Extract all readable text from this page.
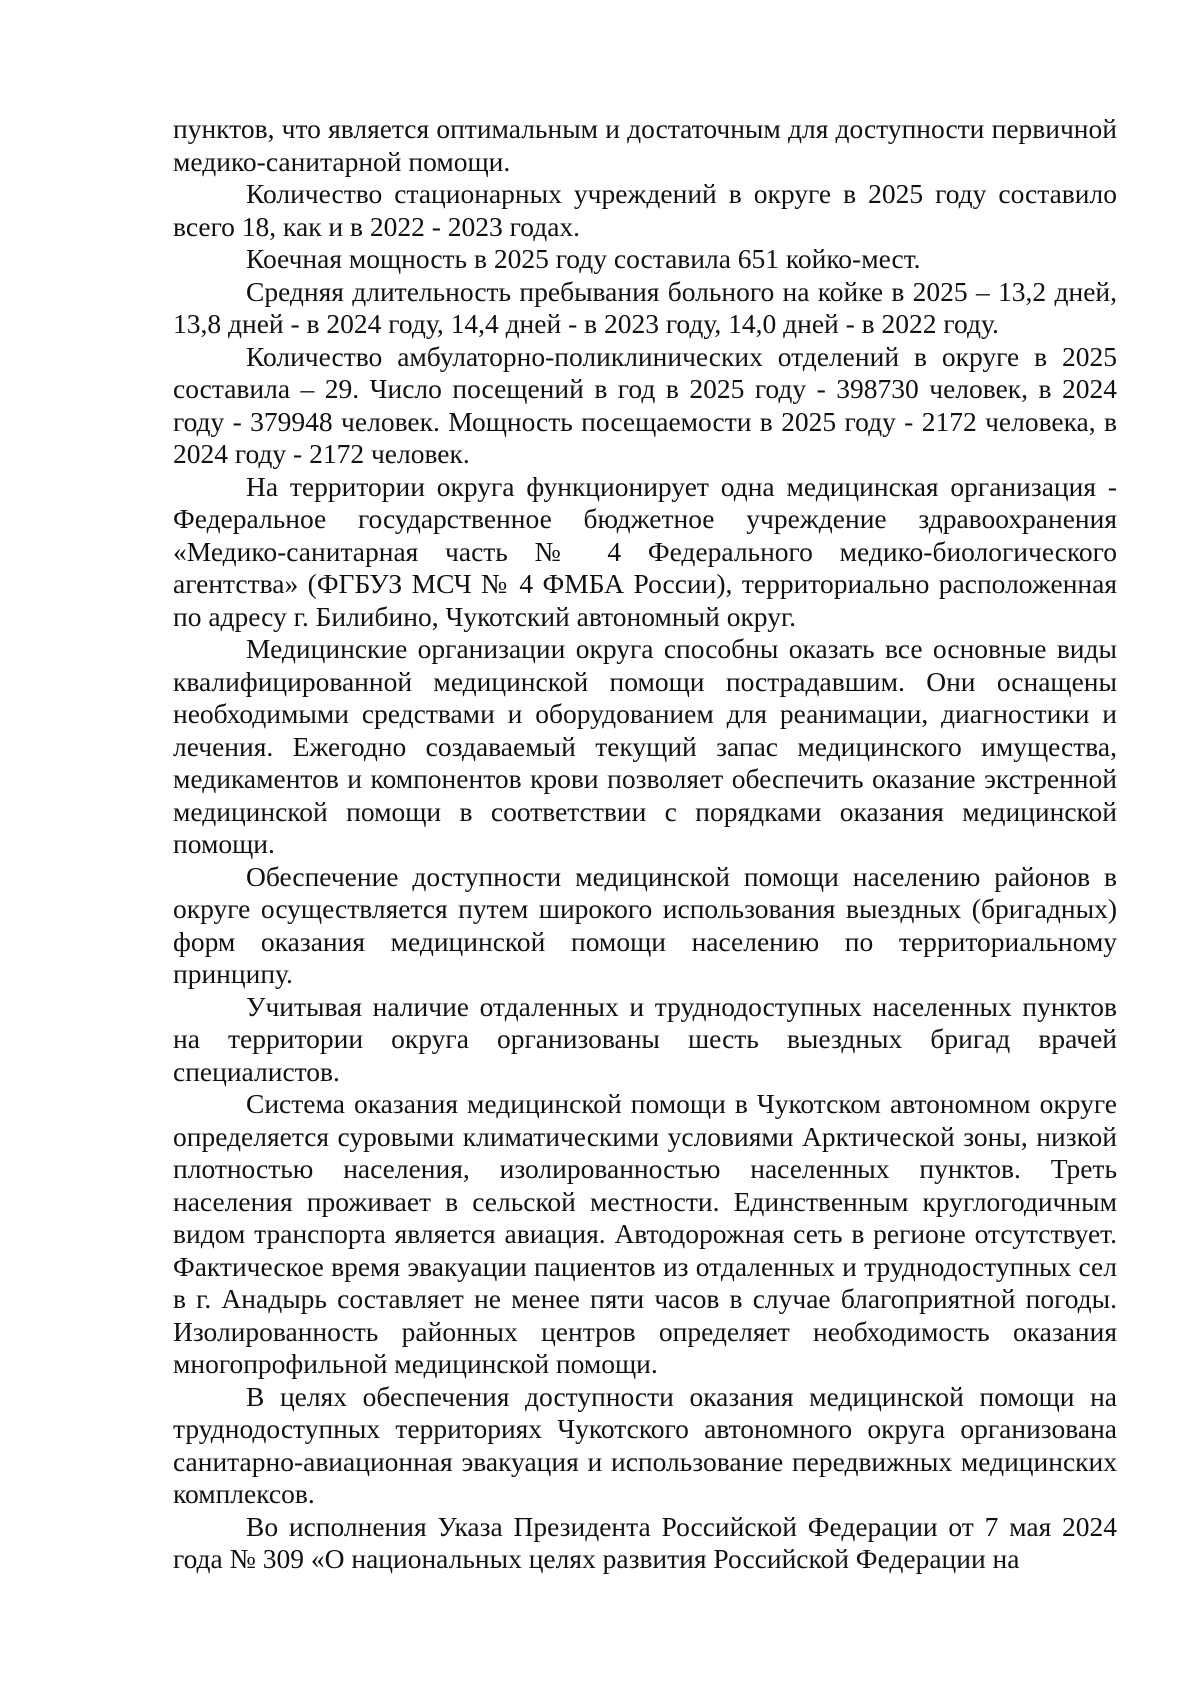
пунктов, что является оптимальным и достаточным для доступности первичной медико-санитарной помощи.

Количество стационарных учреждений в округе в 2025 году составило всего 18, как и в 2022 - 2023 годах.

Коечная мощность в 2025 году составила 651 койко-мест.

Средняя длительность пребывания больного на койке в 2025 – 13,2 дней, 13,8 дней - в 2024 году, 14,4 дней - в 2023 году, 14,0 дней - в 2022 году.

Количество амбулаторно-поликлинических отделений в округе в 2025 составила – 29. Число посещений в год в 2025 году - 398730 человек, в 2024 году - 379948 человек. Мощность посещаемости в 2025 году - 2172 человека, в 2024 году - 2172 человек.

На территории округа функционирует одна медицинская организация - Федеральное государственное бюджетное учреждение здравоохранения «Медико-санитарная часть № 4 Федерального медико-биологического агентства» (ФГБУЗ МСЧ № 4 ФМБА России), территориально расположенная по адресу г. Билибино, Чукотский автономный округ.

Медицинские организации округа способны оказать все основные виды квалифицированной медицинской помощи пострадавшим. Они оснащены необходимыми средствами и оборудованием для реанимации, диагностики и лечения. Ежегодно создаваемый текущий запас медицинского имущества, медикаментов и компонентов крови позволяет обеспечить оказание экстренной медицинской помощи в соответствии с порядками оказания медицинской помощи.

Обеспечение доступности медицинской помощи населению районов в округе осуществляется путем широкого использования выездных (бригадных) форм оказания медицинской помощи населению по территориальному принципу.

Учитывая наличие отдаленных и труднодоступных населенных пунктов на территории округа организованы шесть выездных бригад врачей специалистов.

Система оказания медицинской помощи в Чукотском автономном округе определяется суровыми климатическими условиями Арктической зоны, низкой плотностью населения, изолированностью населенных пунктов. Треть населения проживает в сельской местности. Единственным круглогодичным видом транспорта является авиация. Автодорожная сеть в регионе отсутствует. Фактическое время эвакуации пациентов из отдаленных и труднодоступных сел в г. Анадырь составляет не менее пяти часов в случае благоприятной погоды. Изолированность районных центров определяет необходимость оказания многопрофильной медицинской помощи.

В целях обеспечения доступности оказания медицинской помощи на труднодоступных территориях Чукотского автономного округа организована санитарно-авиационная эвакуация и использование передвижных медицинских комплексов.

Во исполнения Указа Президента Российской Федерации от 7 мая 2024 года № 309 «О национальных целях развития Российской Федерации на
